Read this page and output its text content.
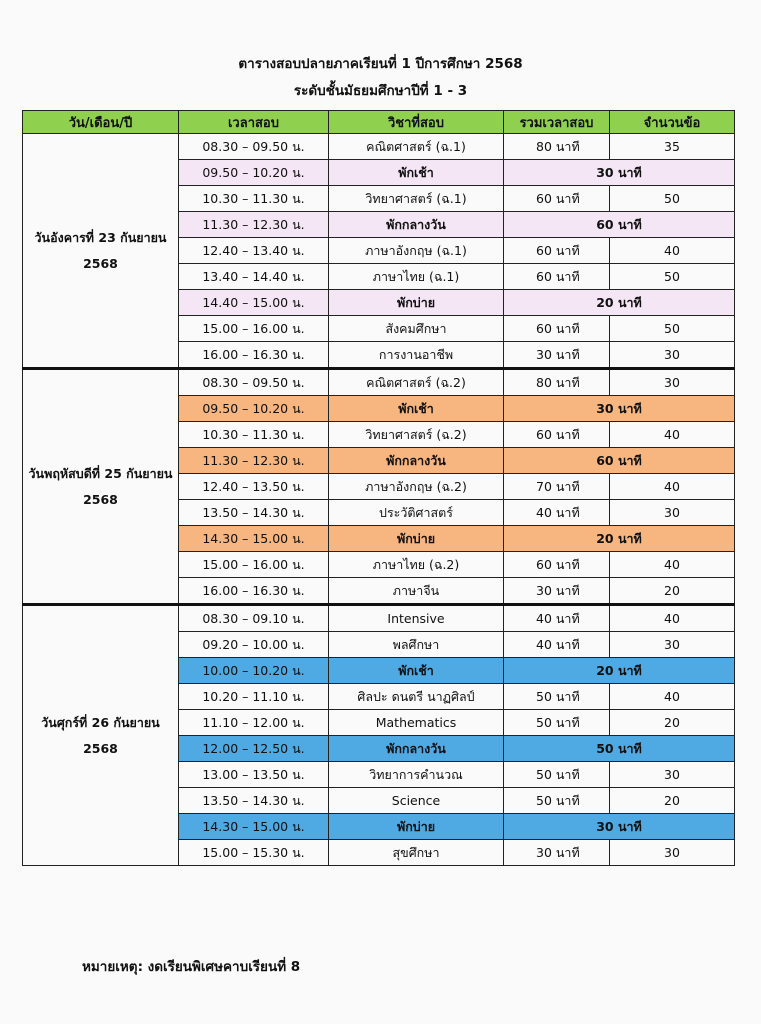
ตารางสอบปลายภาคเรียนที่ 1 ปีการศึกษา 2568
ระดับชั้นมัธยมศึกษาปีที่ 1 - 3
วัน/เดือน/ปี	เวลาสอบ	วิชาที่สอบ	รวมเวลาสอบ	จำนวนข้อ
วันอังคารที่ 23 กันยายน 2568	08.30 – 09.50 น.	คณิตศาสตร์ (ฉ.1)	80 นาที	35
	09.50 – 10.20 น.	พักเช้า	30 นาที	
	10.30 – 11.30 น.	วิทยาศาสตร์ (ฉ.1)	60 นาที	50
	11.30 – 12.30 น.	พักกลางวัน	60 นาที	
	12.40 – 13.40 น.	ภาษาอังกฤษ (ฉ.1)	60 นาที	40
	13.40 – 14.40 น.	ภาษาไทย (ฉ.1)	60 นาที	50
	14.40 – 15.00 น.	พักบ่าย	20 นาที	
	15.00 – 16.00 น.	สังคมศึกษา	60 นาที	50
	16.00 – 16.30 น.	การงานอาชีพ	30 นาที	30
วันพฤหัสบดีที่ 25 กันยายน 2568	08.30 – 09.50 น.	คณิตศาสตร์ (ฉ.2)	80 นาที	30
	09.50 – 10.20 น.	พักเช้า	30 นาที	
	10.30 – 11.30 น.	วิทยาศาสตร์ (ฉ.2)	60 นาที	40
	11.30 – 12.30 น.	พักกลางวัน	60 นาที	
	12.40 – 13.50 น.	ภาษาอังกฤษ (ฉ.2)	70 นาที	40
	13.50 – 14.30 น.	ประวัติศาสตร์	40 นาที	30
	14.30 – 15.00 น.	พักบ่าย	20 นาที	
	15.00 – 16.00 น.	ภาษาไทย (ฉ.2)	60 นาที	40
	16.00 – 16.30 น.	ภาษาจีน	30 นาที	20
วันศุกร์ที่ 26 กันยายน 2568	08.30 – 09.10 น.	Intensive	40 นาที	40
	09.20 – 10.00 น.	พลศึกษา	40 นาที	30
	10.00 – 10.20 น.	พักเช้า	20 นาที	
	10.20 – 11.10 น.	ศิลปะ ดนตรี นาฏศิลป์	50 นาที	40
	11.10 – 12.00 น.	Mathematics	50 นาที	20
	12.00 – 12.50 น.	พักกลางวัน	50 นาที	
	13.00 – 13.50 น.	วิทยาการคำนวณ	50 นาที	30
	13.50 – 14.30 น.	Science	50 นาที	20
	14.30 – 15.00 น.	พักบ่าย	30 นาที	
	15.00 – 15.30 น.	สุขศึกษา	30 นาที	30
หมายเหตุ: งดเรียนพิเศษคาบเรียนที่ 8
